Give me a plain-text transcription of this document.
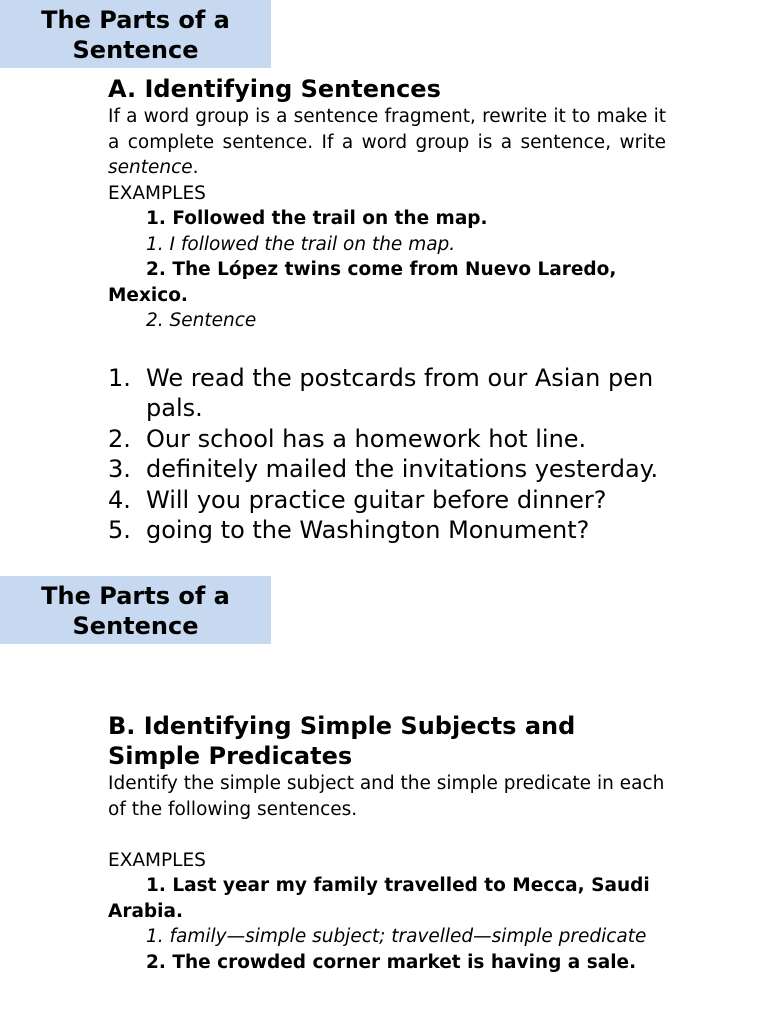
The Parts of a
Sentence

A. Identifying Sentences

If a word group is a sentence fragment, rewrite it to make it a complete sentence. If a word group is a sentence, write sentence.

EXAMPLES

1. Followed the trail on the map.

1. I followed the trail on the map.

2. The López twins come from Nuevo Laredo, Mexico.

2. Sentence

1. We read the postcards from our Asian pen pals.
2. Our school has a homework hot line.
3. definitely mailed the invitations yesterday.
4. Will you practice guitar before dinner?
5. going to the Washington Monument?
The Parts of a
Sentence

B. Identifying Simple Subjects and Simple Predicates

Identify the simple subject and the simple predicate in each of the following sentences.

EXAMPLES

1. Last year my family travelled to Mecca, Saudi Arabia.

1. family—simple subject; travelled—simple predicate

2. The crowded corner market is having a sale.
